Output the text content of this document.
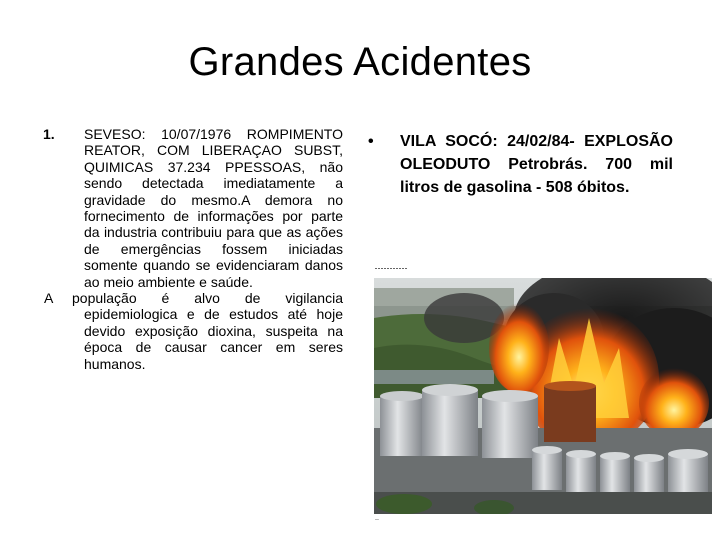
Grandes Acidentes
1. SEVESO: 10/07/1976 ROMPIMENTO REATOR, COM LIBERAÇAO SUBST, QUIMICAS 37.234 PPESSOAS, não sendo detectada imediatamente a gravidade do mesmo.A demora no fornecimento de informações por parte da industria contribuiu para que as ações de emergências fossem iniciadas somente quando se evidenciaram danos ao meio ambiente e saúde.

A população é alvo de vigilancia
epidemiologica e de estudos até hoje devido exposição dioxina, suspeita na época de causar cancer em seres humanos.
• VILA SOCÓ: 24/02/84- EXPLOSÃO OLEODUTO Petrobrás. 700 mil litros de gasolina - 508 óbitos.
–
